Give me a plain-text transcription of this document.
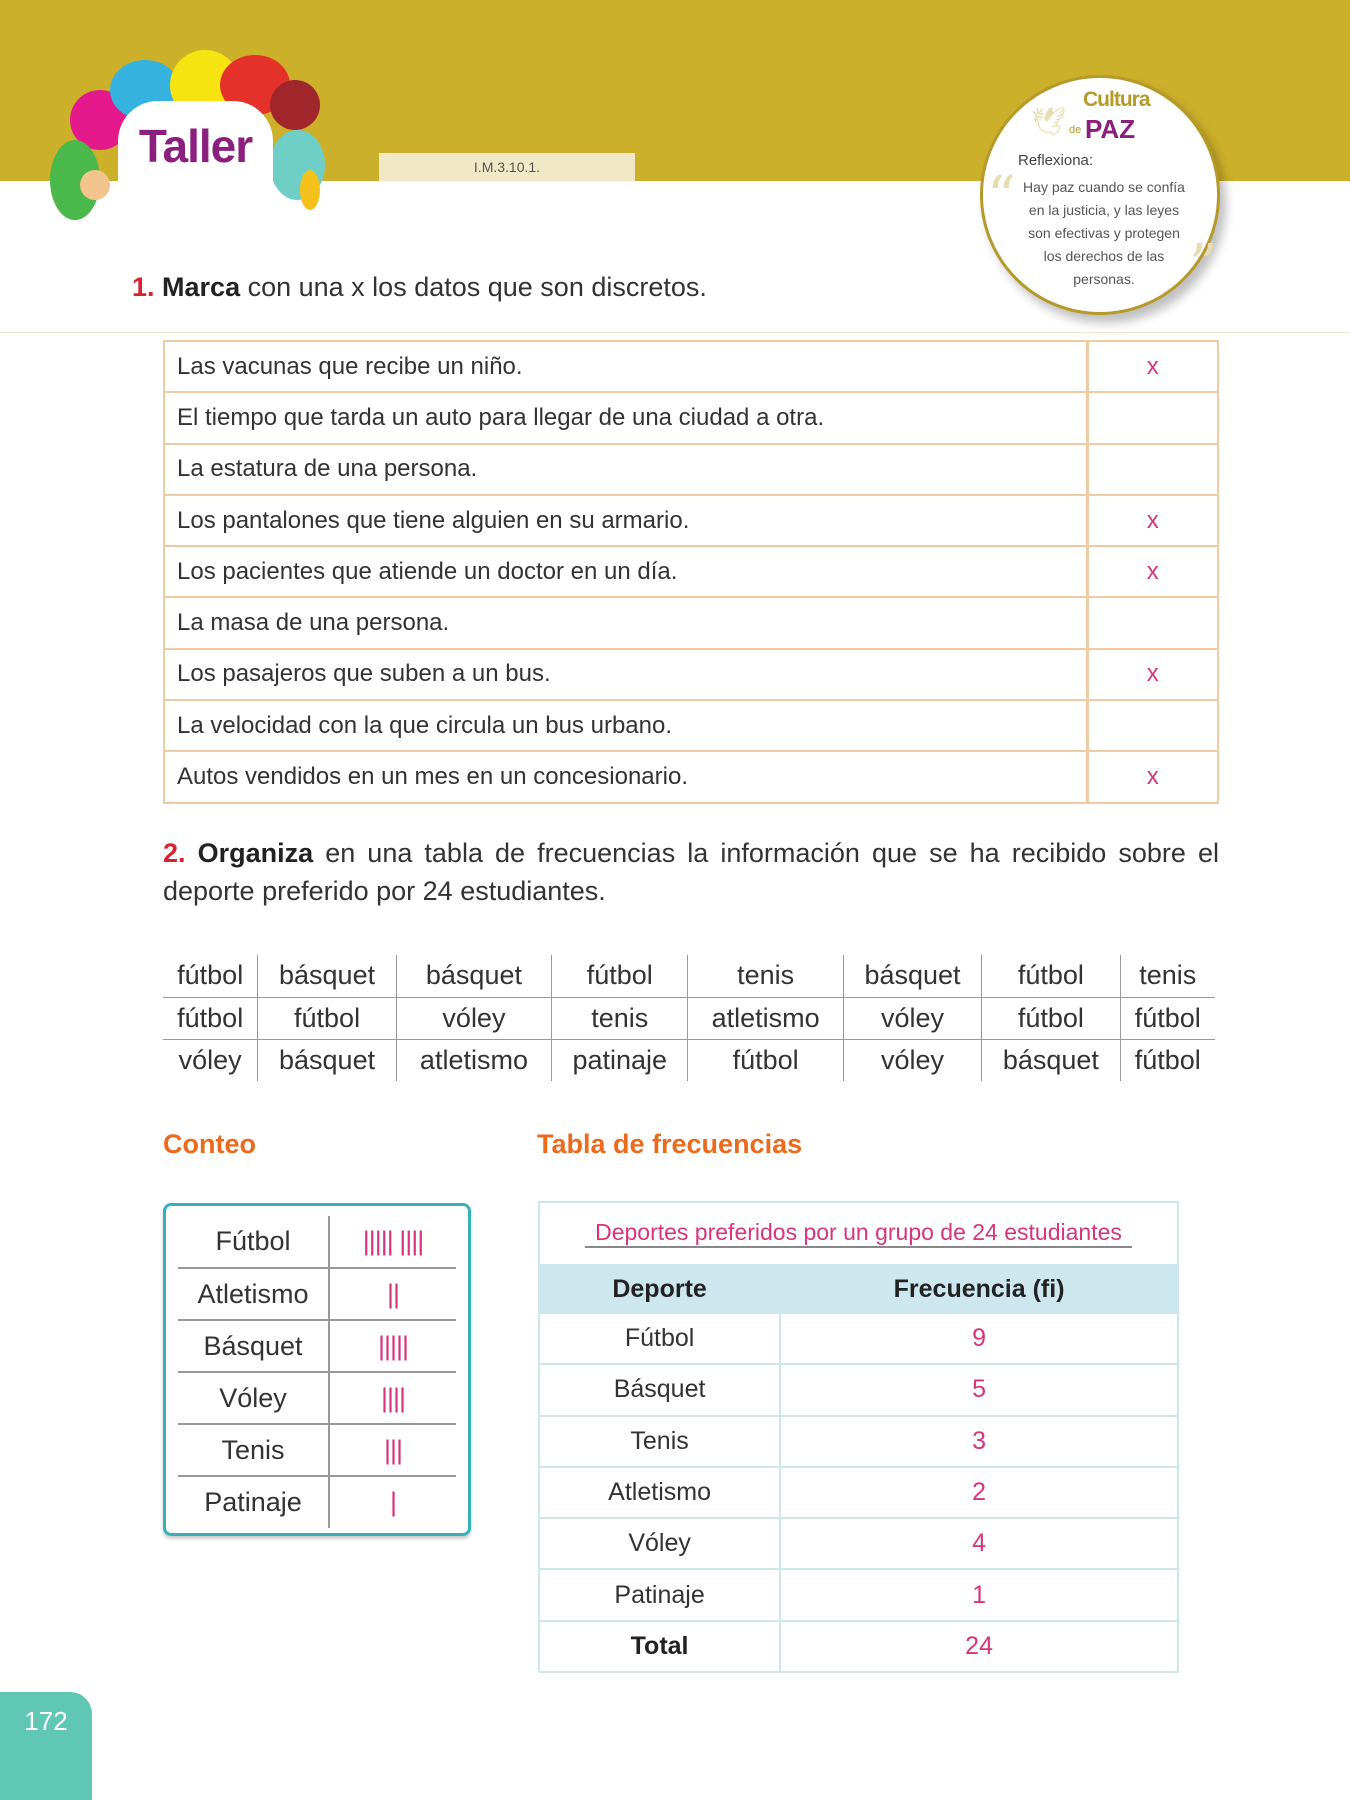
Taller	I.M.3.10.1.
🕊
Cultura
de PAZ
Reflexiona:
“ Hay paz cuando se confía en la justicia, y las leyes son efectivas y protegen los derechos de las personas. ”
1. Marca con una x los datos que son discretos.
Las vacunas que recibe un niño.	x
El tiempo que tarda un auto para llegar de una ciudad a otra.	
La estatura de una persona.	
Los pantalones que tiene alguien en su armario.	x
Los pacientes que atiende un doctor en un día.	x
La masa de una persona.	
Los pasajeros que suben a un bus.	x
La velocidad con la que circula un bus urbano.	
Autos vendidos en un mes en un concesionario.	x
2. Organiza en una tabla de frecuencias la información que se ha recibido sobre el deporte preferido por 24 estudiantes.
fútbol	básquet	básquet	fútbol	tenis	básquet	fútbol	tenis
fútbol	fútbol	vóley	tenis	atletismo	vóley	fútbol	fútbol
vóley	básquet	atletismo	patinaje	fútbol	vóley	básquet	fútbol
Conteo	Tabla de frecuencias
Fútbol	||||| ||||
Atletismo	||
Básquet	|||||
Vóley	||||
Tenis	|||
Patinaje	|
Deportes preferidos por un grupo de 24 estudiantes	
Deporte	Frecuencia (fi)
Fútbol	9
Básquet	5
Tenis	3
Atletismo	2
Vóley	4
Patinaje	1
Total	24
172
